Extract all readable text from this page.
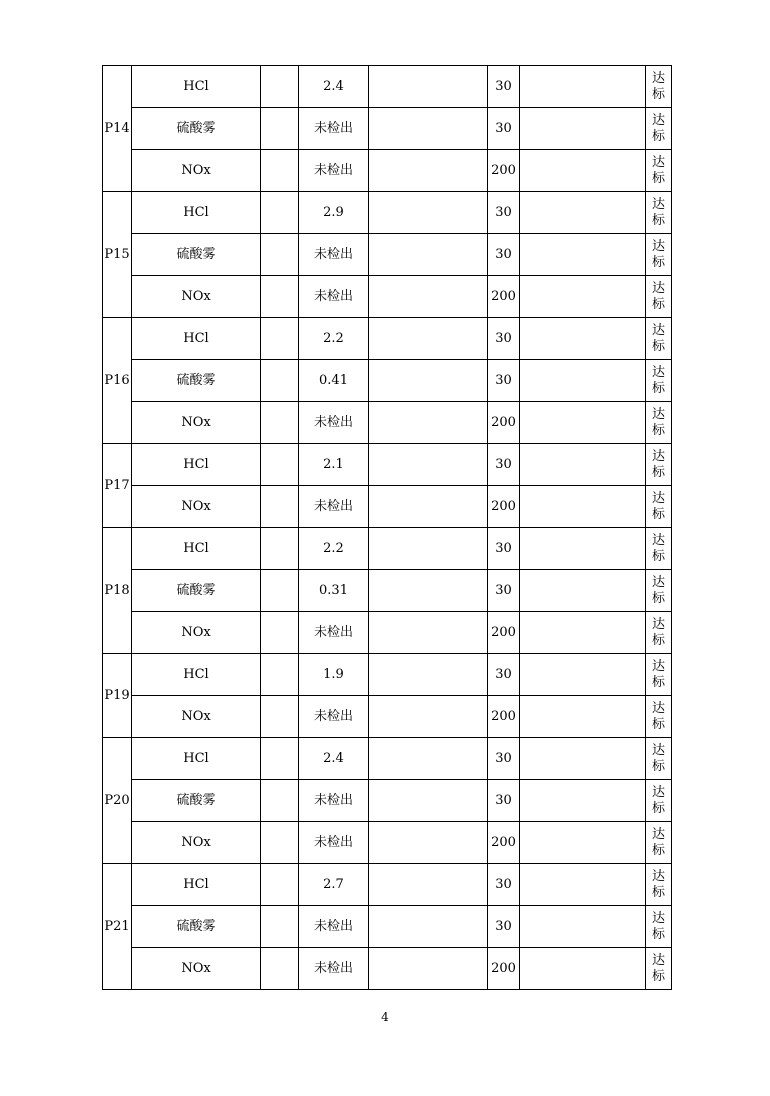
P14	HCl		2.4		30		达标

	硫酸雾		未检出		30		达标

	NOx		未检出		200		达标

P15	HCl		2.9		30		达标

	硫酸雾		未检出		30		达标

	NOx		未检出		200		达标

P16	HCl		2.2		30		达标

	硫酸雾		0.41		30		达标

	NOx		未检出		200		达标

P17	HCl		2.1		30		达标

	NOx		未检出		200		达标

P18	HCl		2.2		30		达标

	硫酸雾		0.31		30		达标

	NOx		未检出		200		达标

P19	HCl		1.9		30		达标

	NOx		未检出		200		达标

P20	HCl		2.4		30		达标

	硫酸雾		未检出		30		达标

	NOx		未检出		200		达标

P21	HCl		2.7		30		达标

	硫酸雾		未检出		30		达标

	NOx		未检出		200		达标
4
